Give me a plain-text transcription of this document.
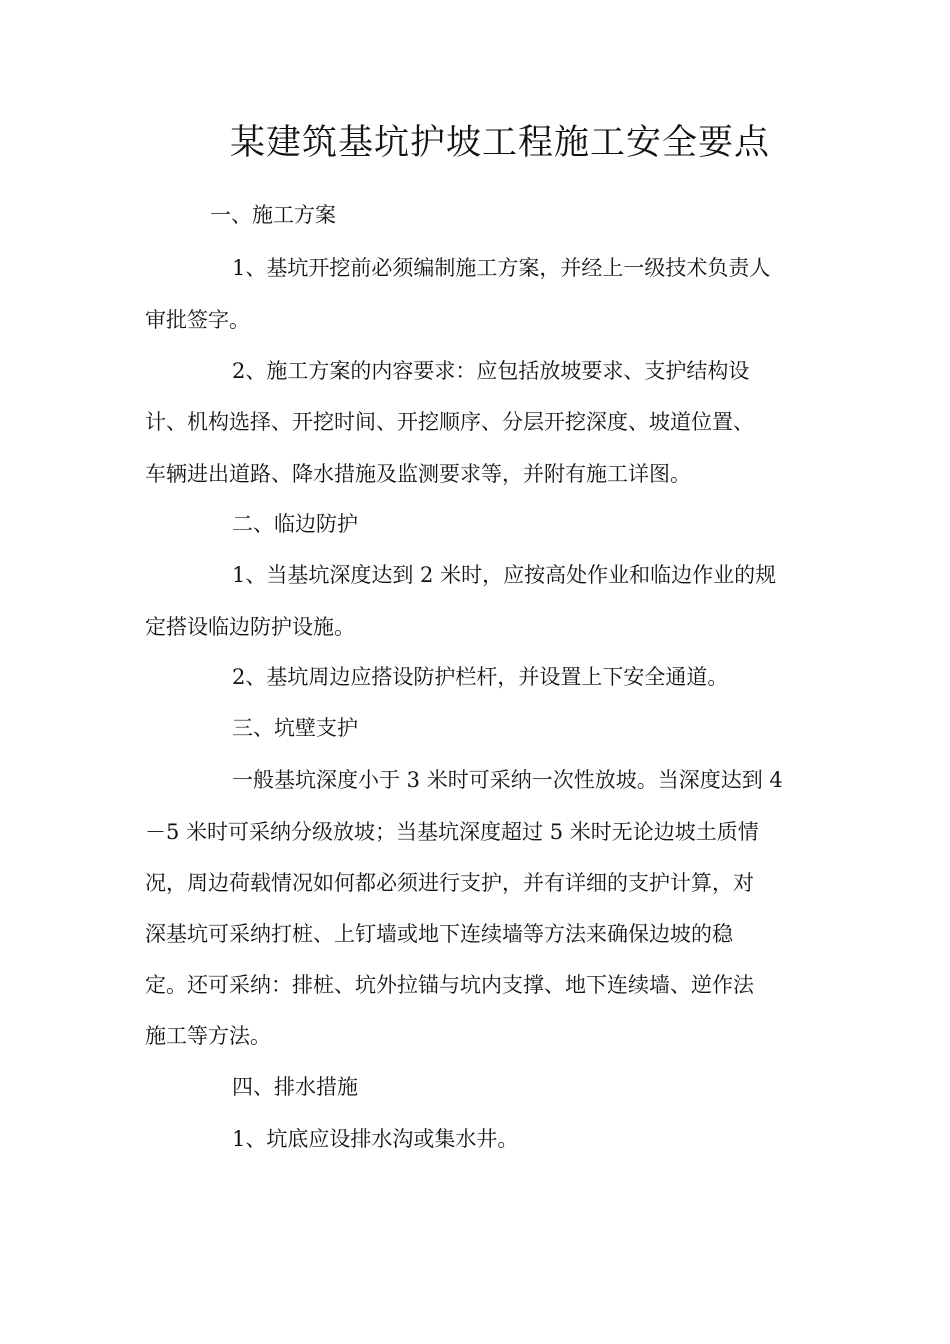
某建筑基坑护坡工程施工安全要点
一、施工方案
1、基坑开挖前必须编制施工方案，并经上一级技术负责人
审批签字。
2、施工方案的内容要求：应包括放坡要求、支护结构设
计、机构选择、开挖时间、开挖顺序、分层开挖深度、坡道位置、
车辆进出道路、降水措施及监测要求等，并附有施工详图。
二、临边防护
1、当基坑深度达到 2 米时，应按高处作业和临边作业的规
定搭设临边防护设施。
2、基坑周边应搭设防护栏杆，并设置上下安全通道。
三、坑壁支护
一般基坑深度小于 3 米时可采纳一次性放坡。当深度达到 4
－5 米时可采纳分级放坡；当基坑深度超过 5 米时无论边坡土质情
况，周边荷载情况如何都必须进行支护，并有详细的支护计算，对
深基坑可采纳打桩、上钉墙或地下连续墙等方法来确保边坡的稳
定。还可采纳：排桩、坑外拉锚与坑内支撑、地下连续墙、逆作法
施工等方法。
四、排水措施
1、坑底应设排水沟或集水井。
